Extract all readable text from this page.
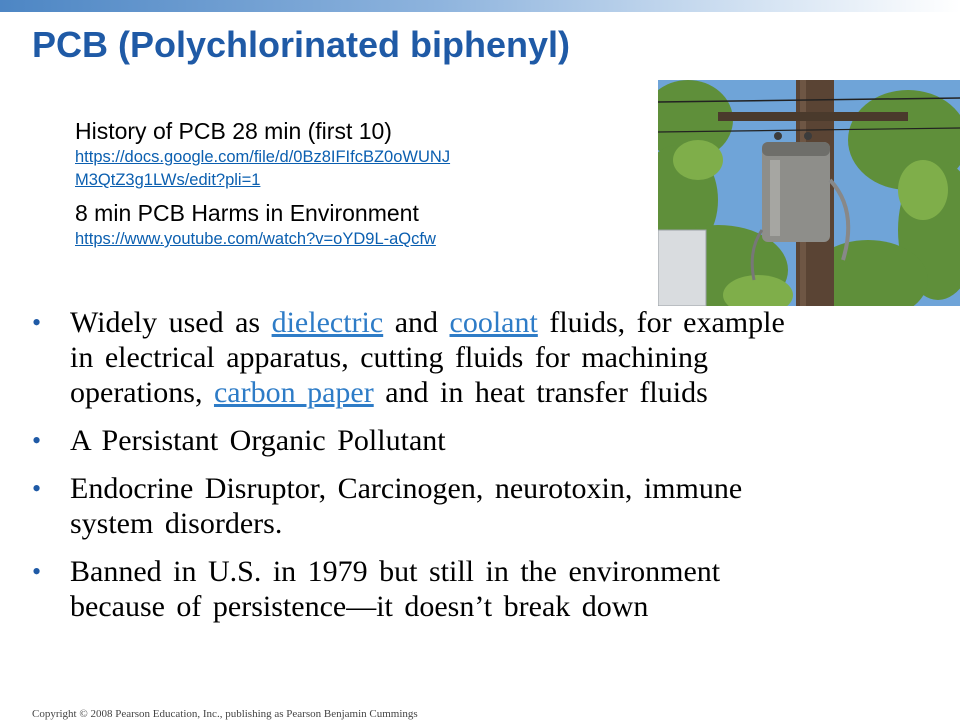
PCB (Polychlorinated biphenyl)
History of PCB 28 min (first 10)
https://docs.google.com/file/d/0Bz8IFIfcBZ0oWUNJ
M3QtZ3g1LWs/edit?pli=1
8 min PCB Harms in Environment
https://www.youtube.com/watch?v=oYD9L-aQcfw
• Widely used as dielectric and coolant fluids, for example
in electrical apparatus, cutting fluids for machining
operations, carbon paper and in heat transfer fluids
• A Persistant Organic Pollutant
• Endocrine Disruptor, Carcinogen, neurotoxin, immune
system disorders.
• Banned in U.S. in 1979 but still in the environment
because of persistence—it doesn’t break down
Copyright © 2008 Pearson Education, Inc., publishing as Pearson Benjamin Cummings
